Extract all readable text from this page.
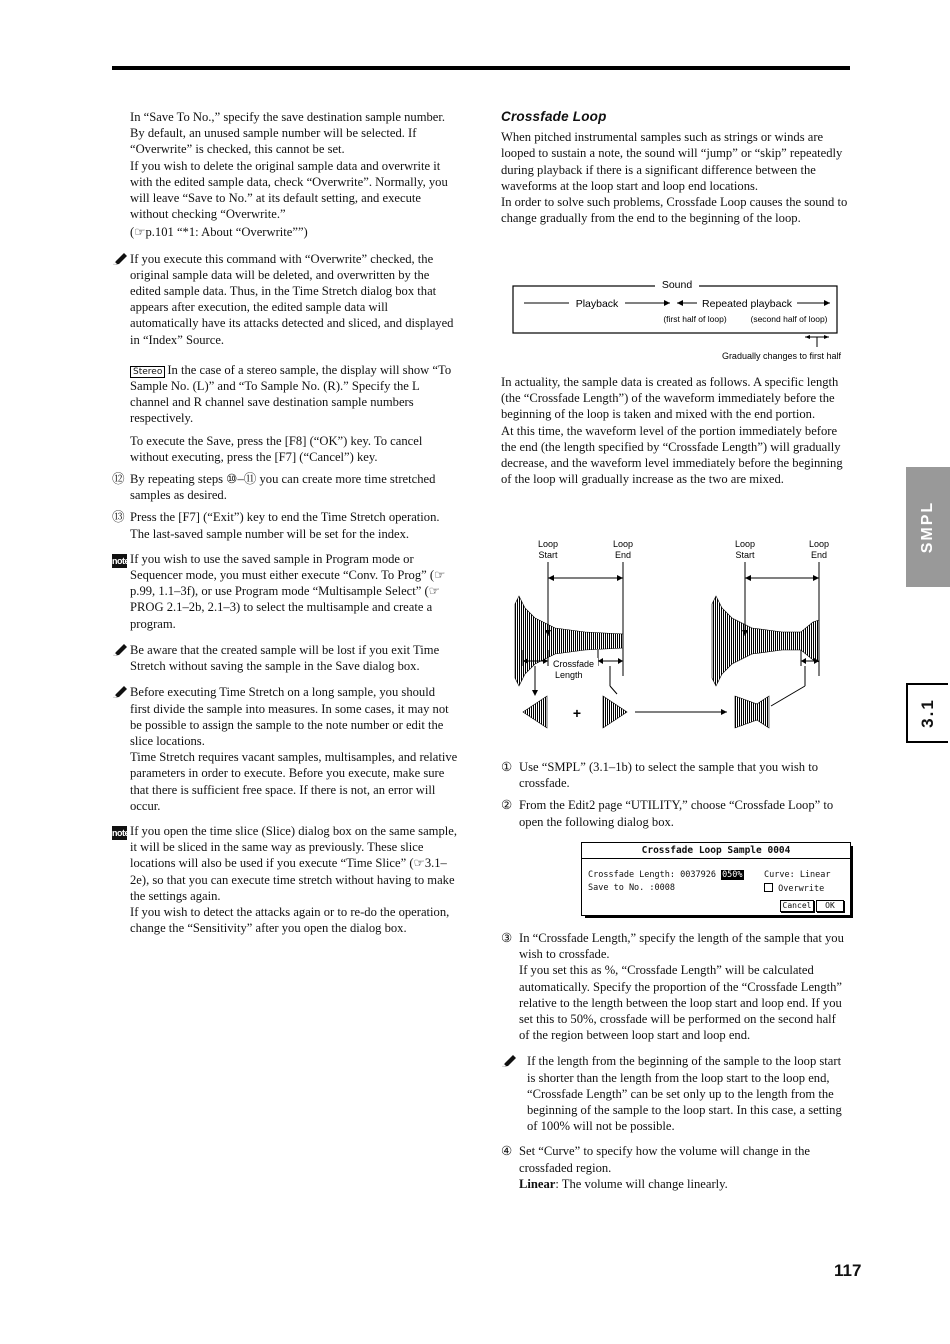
In “Save To No.,” specify the save destination sample number. By default, an unused sample number will be selected. If “Overwrite” is checked, this cannot be set.

If you wish to delete the original sample data and overwrite it with the edited sample data, check “Overwrite”. Normally, you will leave “Save to No.” at its default setting, and execute without checking “Overwrite.”

(☞p.101 “*1: About “Overwrite””)

If you execute this command with “Overwrite” checked, the original sample data will be deleted, and overwritten by the edited sample data. Thus, in the Time Stretch dialog box that appears after execution, the edited sample data will automatically have its attacks detected and sliced, and displayed in “Index” Source.

Stereo In the case of a stereo sample, the display will show “To Sample No. (L)” and “To Sample No. (R).” Specify the L channel and R channel save destination sample numbers respectively.

To execute the Save, press the [F8] (“OK”) key. To cancel without executing, press the [F7] (“Cancel”) key.

⑫ By repeating steps ⑩–⑪ you can create more time stretched samples as desired.

⑬ Press the [F7] (“Exit”) key to end the Time Stretch operation.

The last-saved sample number will be set for the index.

note If you wish to use the saved sample in Program mode or Sequencer mode, you must either execute “Conv. To Prog” (☞p.99, 1.1–3f), or use Program mode “Multisample Select” (☞PROG 2.1–2b, 2.1–3) to select the multisample and create a program.

Be aware that the created sample will be lost if you exit Time Stretch without saving the sample in the Save dialog box.

Before executing Time Stretch on a long sample, you should first divide the sample into measures. In some cases, it may not be possible to assign the sample to the note number or edit the slice locations.

Time Stretch requires vacant samples, multisamples, and relative parameters in order to execute. Before you execute, make sure that there is sufficient free space. If there is not, an error will occur.

note If you open the time slice (Slice) dialog box on the same sample, it will be sliced in the same way as previously. These slice locations will also be used if you execute “Time Slice” (☞3.1–2e), so that you can execute time stretch without having to make the settings again.

If you wish to detect the attacks again or to re-do the operation, change the “Sensitivity” after you open the dialog box.

Crossfade Loop

When pitched instrumental samples such as strings or winds are looped to sustain a note, the sound will “jump” or “skip” repeatedly during playback if there is a significant difference between the waveforms at the loop start and loop end locations.

In order to solve such problems, Crossfade Loop causes the sound to change gradually from the end to the beginning of the loop.

Sound
Playback	Repeated playback
(first half of loop)	(second half of loop)
Gradually changes to first half

In actuality, the sample data is created as follows. A specific length (the “Crossfade Length”) of the waveform immediately before the beginning of the loop is taken and mixed with the end portion.

At this time, the waveform level of the portion immediately before the end (the length specified by “Crossfade Length”) will gradually decrease, and the waveform level immediately before the beginning of the loop will gradually increase as the two are mixed.

Loop
Start
Loop
End
Loop
Start
Loop
End
Crossfade
Length
+
① Use “SMPL” (3.1–1b) to select the sample that you wish to crossfade.

② From the Edit2 page “UTILITY,” choose “Crossfade Loop” to open the following dialog box.

Crossfade Loop Sample 0004
Crossfade Length: 0037926 050%	Curve: Linear
Save to No. :0008	Overwrite
Cancel	OK
③ In “Crossfade Length,” specify the length of the sample that you wish to crossfade.

If you set this as %, “Crossfade Length” will be calculated automatically. Specify the proportion of the “Crossfade Length” relative to the length between the loop start and loop end. If you set this to 50%, crossfade will be performed on the second half of the region between loop start and loop end.

If the length from the beginning of the sample to the loop start is shorter than the length from the loop start to the loop end, “Crossfade Length” can be set only up to the length from the beginning of the sample to the loop start. In this case, a setting of 100% will not be possible.

④ Set “Curve” to specify how the volume will change in the crossfaded region.

Linear: The volume will change linearly.

SMPL
3.1
117
